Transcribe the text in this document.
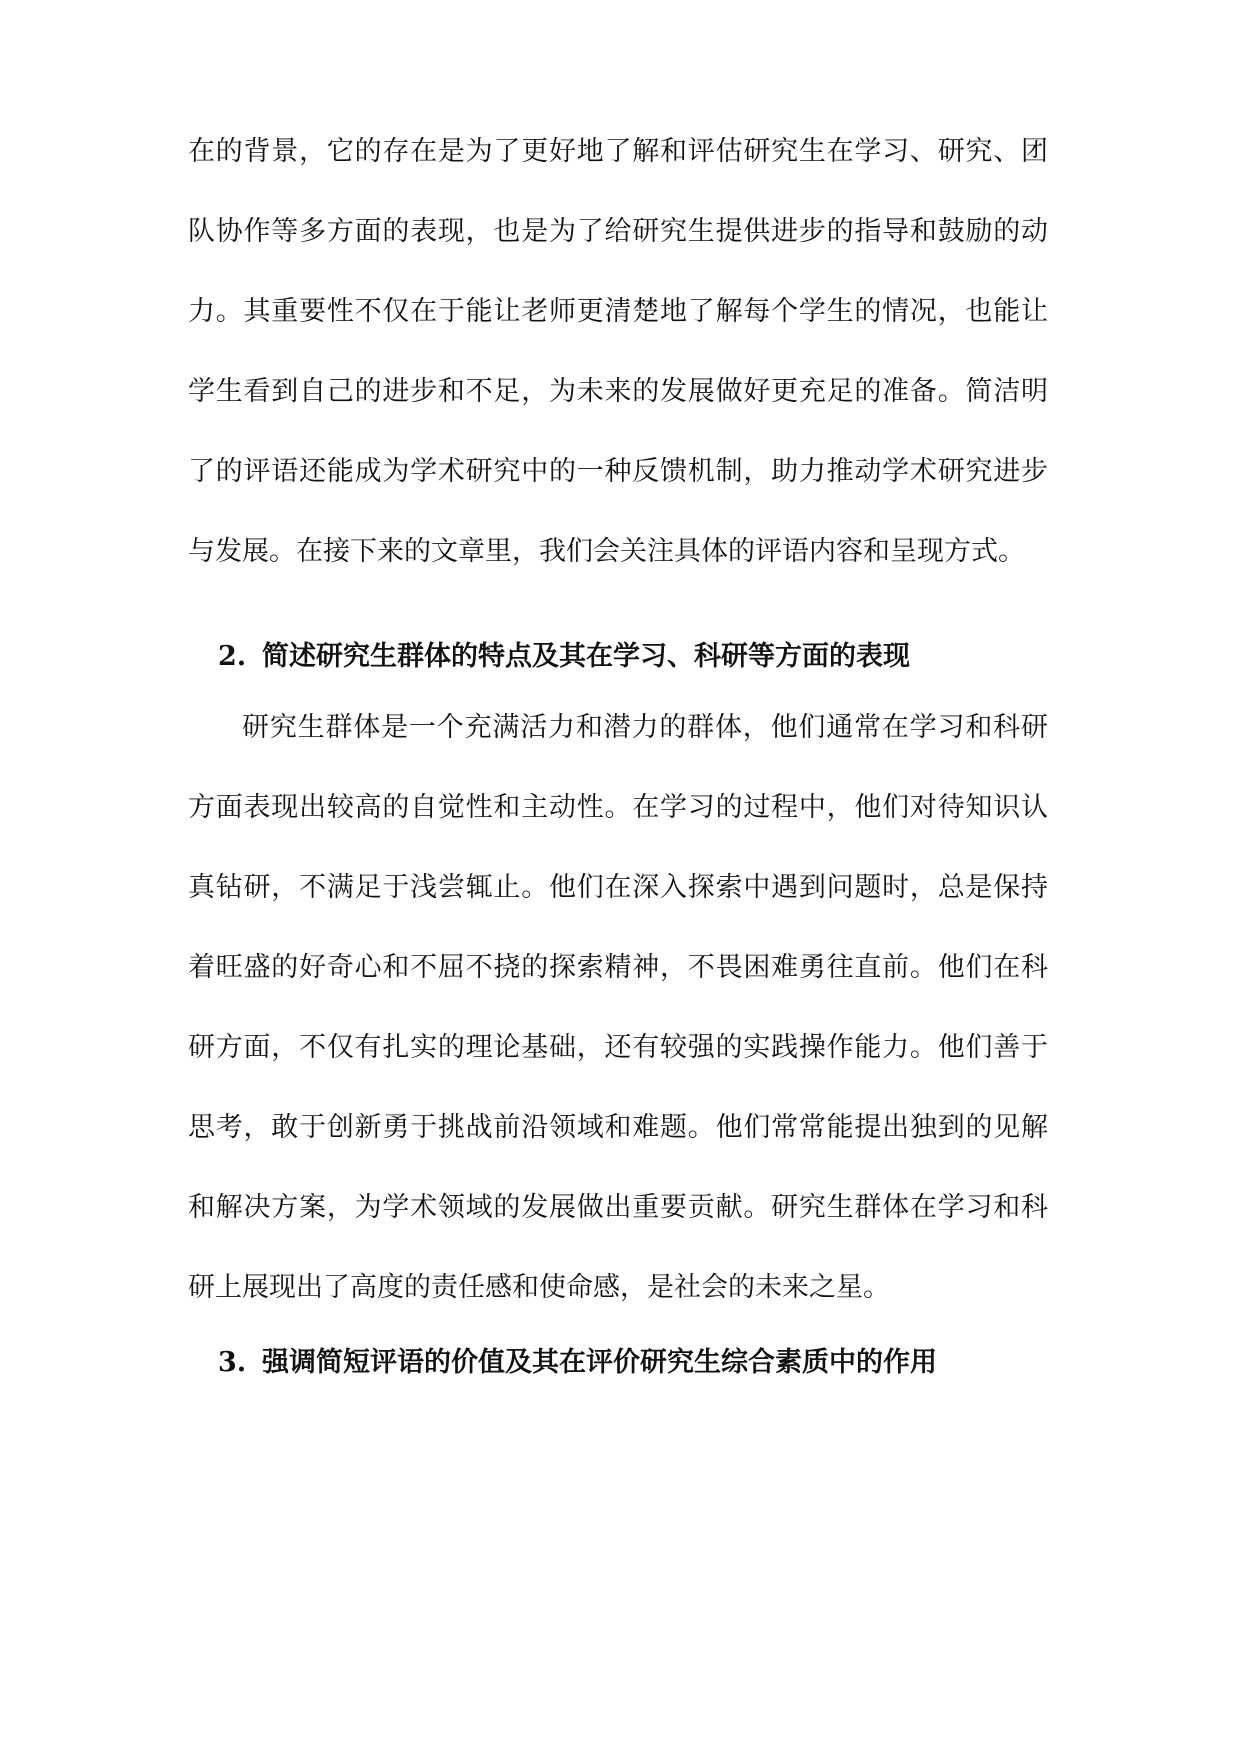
在的背景，它的存在是为了更好地了解和评估研究生在学习、研究、团队协作等多方面的表现，也是为了给研究生提供进步的指导和鼓励的动力。其重要性不仅在于能让老师更清楚地了解每个学生的情况，也能让学生看到自己的进步和不足，为未来的发展做好更充足的准备。简洁明了的评语还能成为学术研究中的一种反馈机制，助力推动学术研究进步与发展。在接下来的文章里，我们会关注具体的评语内容和呈现方式。

2. 简述研究生群体的特点及其在学习、科研等方面的表现

研究生群体是一个充满活力和潜力的群体，他们通常在学习和科研方面表现出较高的自觉性和主动性。在学习的过程中，他们对待知识认真钻研，不满足于浅尝辄止。他们在深入探索中遇到问题时，总是保持着旺盛的好奇心和不屈不挠的探索精神，不畏困难勇往直前。他们在科研方面，不仅有扎实的理论基础，还有较强的实践操作能力。他们善于思考，敢于创新勇于挑战前沿领域和难题。他们常常能提出独到的见解和解决方案，为学术领域的发展做出重要贡献。研究生群体在学习和科研上展现出了高度的责任感和使命感，是社会的未来之星。

3. 强调简短评语的价值及其在评价研究生综合素质中的作用
